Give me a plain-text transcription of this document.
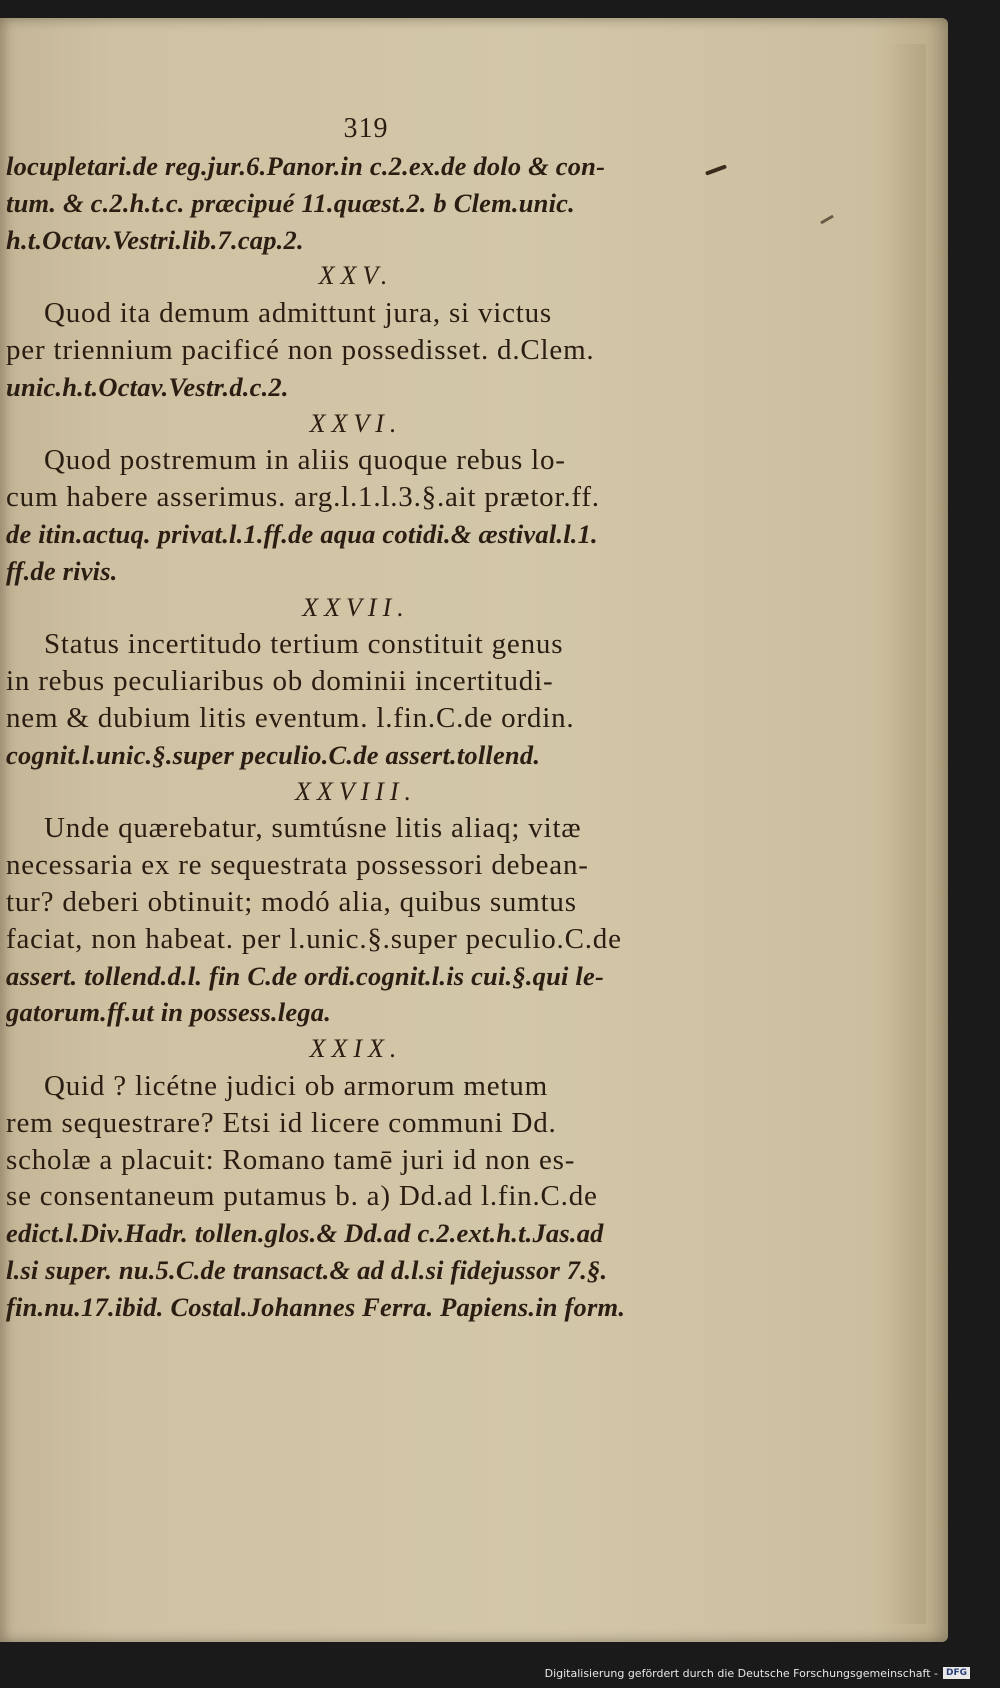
319
locupletari.de reg.jur.6.Panor.in c.2.ex.de dolo & con-
tum. & c.2.h.t.c. præcipué 11.quæst.2. b Clem.unic.
h.t.Octav.Vestri.lib.7.cap.2.
XXV.
Quod ita demum admittunt jura, si victus
per triennium pacificé non possedisset. d.Clem.
unic.h.t.Octav.Vestr.d.c.2.
XXVI.
Quod postremum in aliis quoque rebus lo-
cum habere asserimus. arg.l.1.l.3.§.ait prætor.ff.
de itin.actuq. privat.l.1.ff.de aqua cotidi.& æstival.l.1.
ff.de rivis.
XXVII.
Status incertitudo tertium constituit genus
in rebus peculiaribus ob dominii incertitudi-
nem & dubium litis eventum. l.fin.C.de ordin.
cognit.l.unic.§.super peculio.C.de assert.tollend.
XXVIII.
Unde quærebatur, sumtúsne litis aliaq; vitæ
necessaria ex re sequestrata possessori debean-
tur? deberi obtinuit; modó alia, quibus sumtus
faciat, non habeat. per l.unic.§.super peculio.C.de
assert. tollend.d.l. fin C.de ordi.cognit.l.is cui.§.qui le-
gatorum.ff.ut in possess.lega.
XXIX.
Quid ? licétne judici ob armorum metum
rem sequestrare? Etsi id licere communi Dd.
scholæ a placuit: Romano tamē juri id non es-
se consentaneum putamus b. a) Dd.ad l.fin.C.de
edict.l.Div.Hadr. tollen.glos.& Dd.ad c.2.ext.h.t.Jas.ad
l.si super. nu.5.C.de transact.& ad d.l.si fidejussor 7.§.
fin.nu.17.ibid. Costal.Johannes Ferra. Papiens.in form.
Digitalisierung gefördert durch die Deutsche Forschungsgemeinschaft - DFG
